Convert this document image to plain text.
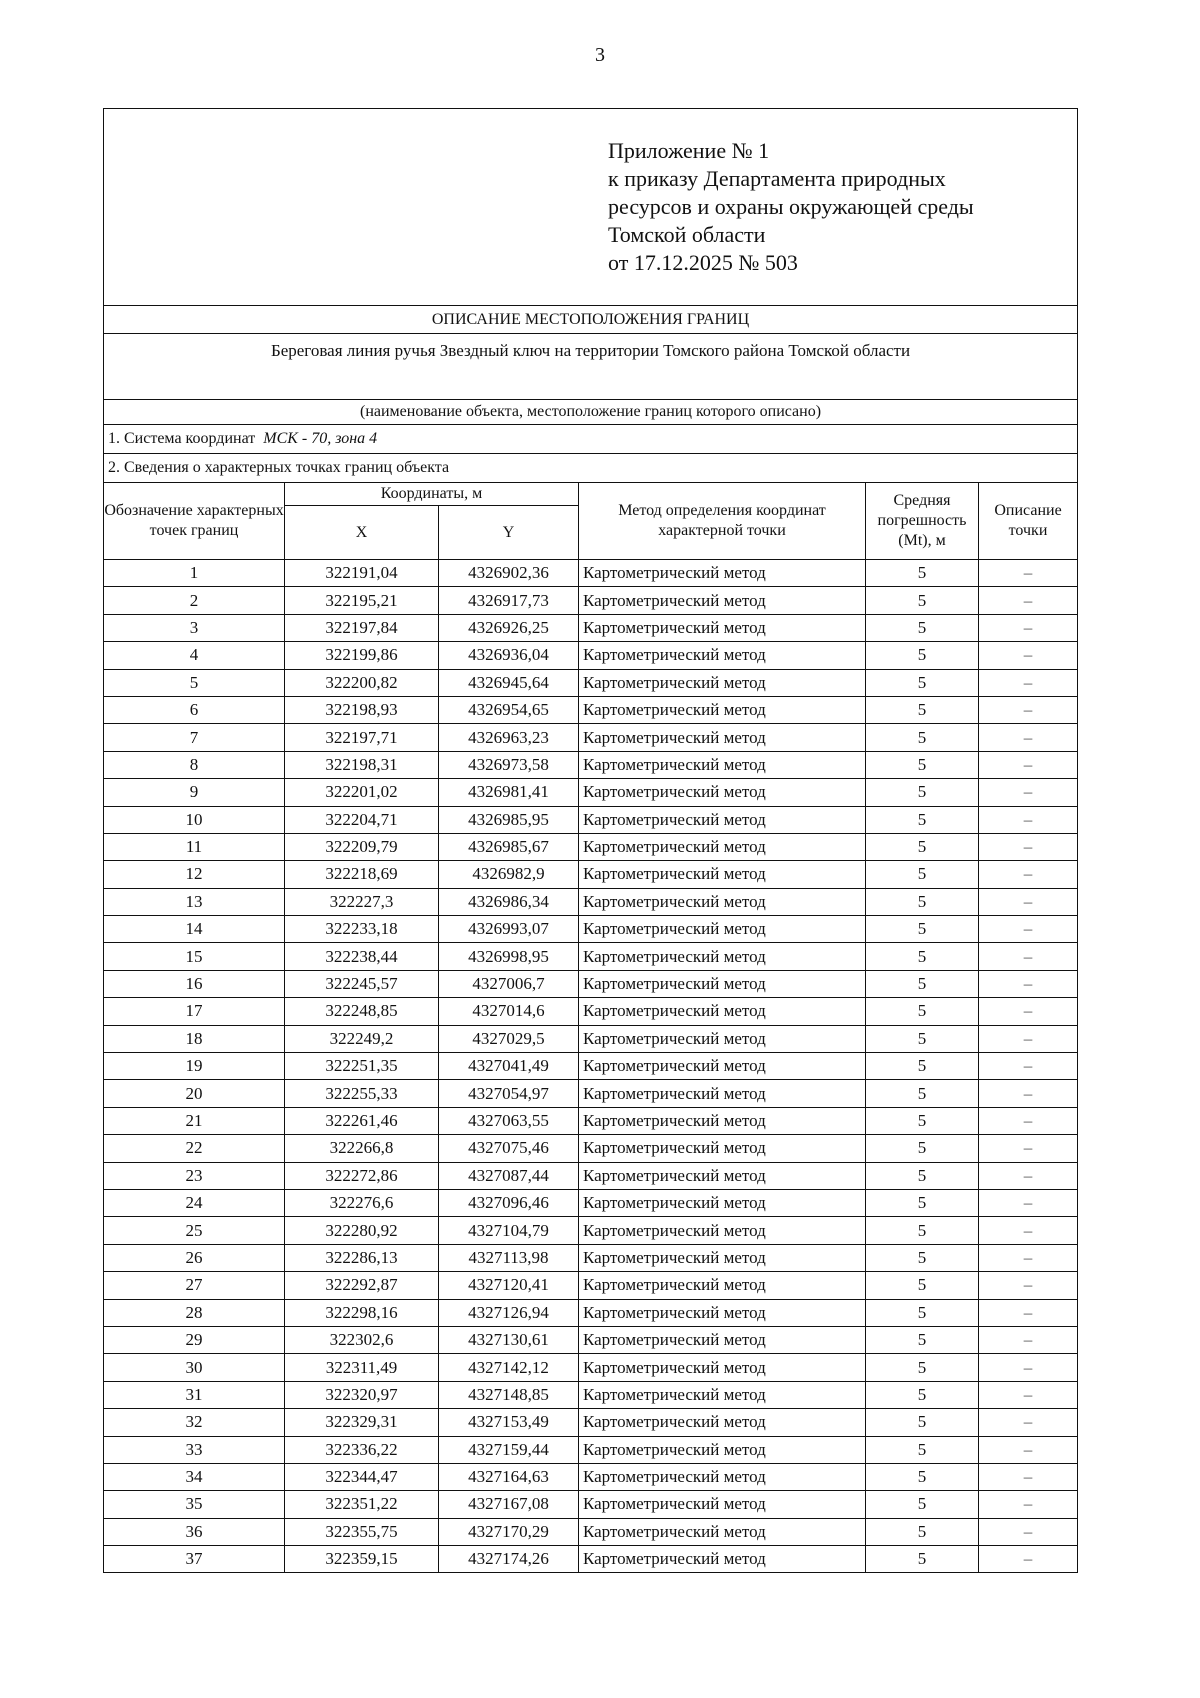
3
Приложение № 1
к приказу Департамента природных
ресурсов и охраны окружающей среды
Томской области
от 17.12.2025 № 503					

ОПИСАНИЕ МЕСТОПОЛОЖЕНИЯ ГРАНИЦ					
Береговая линия ручья Звездный ключ на территории Томского района Томской области					
(наименование объекта, местоположение границ которого описано)					
1. Система координат МСК - 70, зона 4					
2. Сведения о характерных точках границ объекта					
Обозначение характерных точек границ	Координаты, м		Метод определения координат характерной точки	Средняя погрешность (Mt), м	Описание точки
	X	Y			
1	322191,04	4326902,36	Картометрический метод	5	–
2	322195,21	4326917,73	Картометрический метод	5	–
3	322197,84	4326926,25	Картометрический метод	5	–
4	322199,86	4326936,04	Картометрический метод	5	–
5	322200,82	4326945,64	Картометрический метод	5	–
6	322198,93	4326954,65	Картометрический метод	5	–
7	322197,71	4326963,23	Картометрический метод	5	–
8	322198,31	4326973,58	Картометрический метод	5	–
9	322201,02	4326981,41	Картометрический метод	5	–
10	322204,71	4326985,95	Картометрический метод	5	–
11	322209,79	4326985,67	Картометрический метод	5	–
12	322218,69	4326982,9	Картометрический метод	5	–
13	322227,3	4326986,34	Картометрический метод	5	–
14	322233,18	4326993,07	Картометрический метод	5	–
15	322238,44	4326998,95	Картометрический метод	5	–
16	322245,57	4327006,7	Картометрический метод	5	–
17	322248,85	4327014,6	Картометрический метод	5	–
18	322249,2	4327029,5	Картометрический метод	5	–
19	322251,35	4327041,49	Картометрический метод	5	–
20	322255,33	4327054,97	Картометрический метод	5	–
21	322261,46	4327063,55	Картометрический метод	5	–
22	322266,8	4327075,46	Картометрический метод	5	–
23	322272,86	4327087,44	Картометрический метод	5	–
24	322276,6	4327096,46	Картометрический метод	5	–
25	322280,92	4327104,79	Картометрический метод	5	–
26	322286,13	4327113,98	Картометрический метод	5	–
27	322292,87	4327120,41	Картометрический метод	5	–
28	322298,16	4327126,94	Картометрический метод	5	–
29	322302,6	4327130,61	Картометрический метод	5	–
30	322311,49	4327142,12	Картометрический метод	5	–
31	322320,97	4327148,85	Картометрический метод	5	–
32	322329,31	4327153,49	Картометрический метод	5	–
33	322336,22	4327159,44	Картометрический метод	5	–
34	322344,47	4327164,63	Картометрический метод	5	–
35	322351,22	4327167,08	Картометрический метод	5	–
36	322355,75	4327170,29	Картометрический метод	5	–
37	322359,15	4327174,26	Картометрический метод	5	–
